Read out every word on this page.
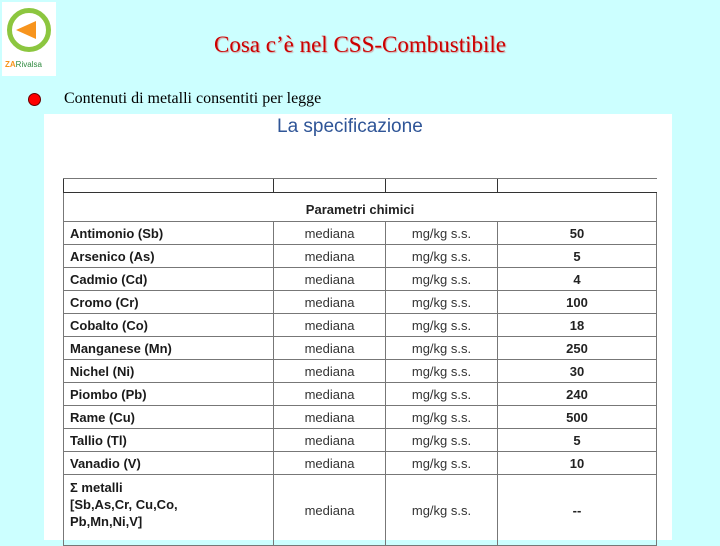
ZARivalsa
Cosa c’è nel CSS-Combustibile
Contenuti di metalli consentiti per legge
La specificazione

Parametri chimici			
Antimonio (Sb)	mediana	mg/kg s.s.	50
Arsenico (As)	mediana	mg/kg s.s.	5
Cadmio (Cd)	mediana	mg/kg s.s.	4
Cromo (Cr)	mediana	mg/kg s.s.	100
Cobalto (Co)	mediana	mg/kg s.s.	18
Manganese (Mn)	mediana	mg/kg s.s.	250
Nichel (Ni)	mediana	mg/kg s.s.	30
Piombo (Pb)	mediana	mg/kg s.s.	240
Rame (Cu)	mediana	mg/kg s.s.	500
Tallio (Tl)	mediana	mg/kg s.s.	5
Vanadio (V)	mediana	mg/kg s.s.	10

Σ metalli
[Sb,As,Cr, Cu,Co,
Pb,Mn,Ni,V]	mediana	mg/kg s.s.	--
